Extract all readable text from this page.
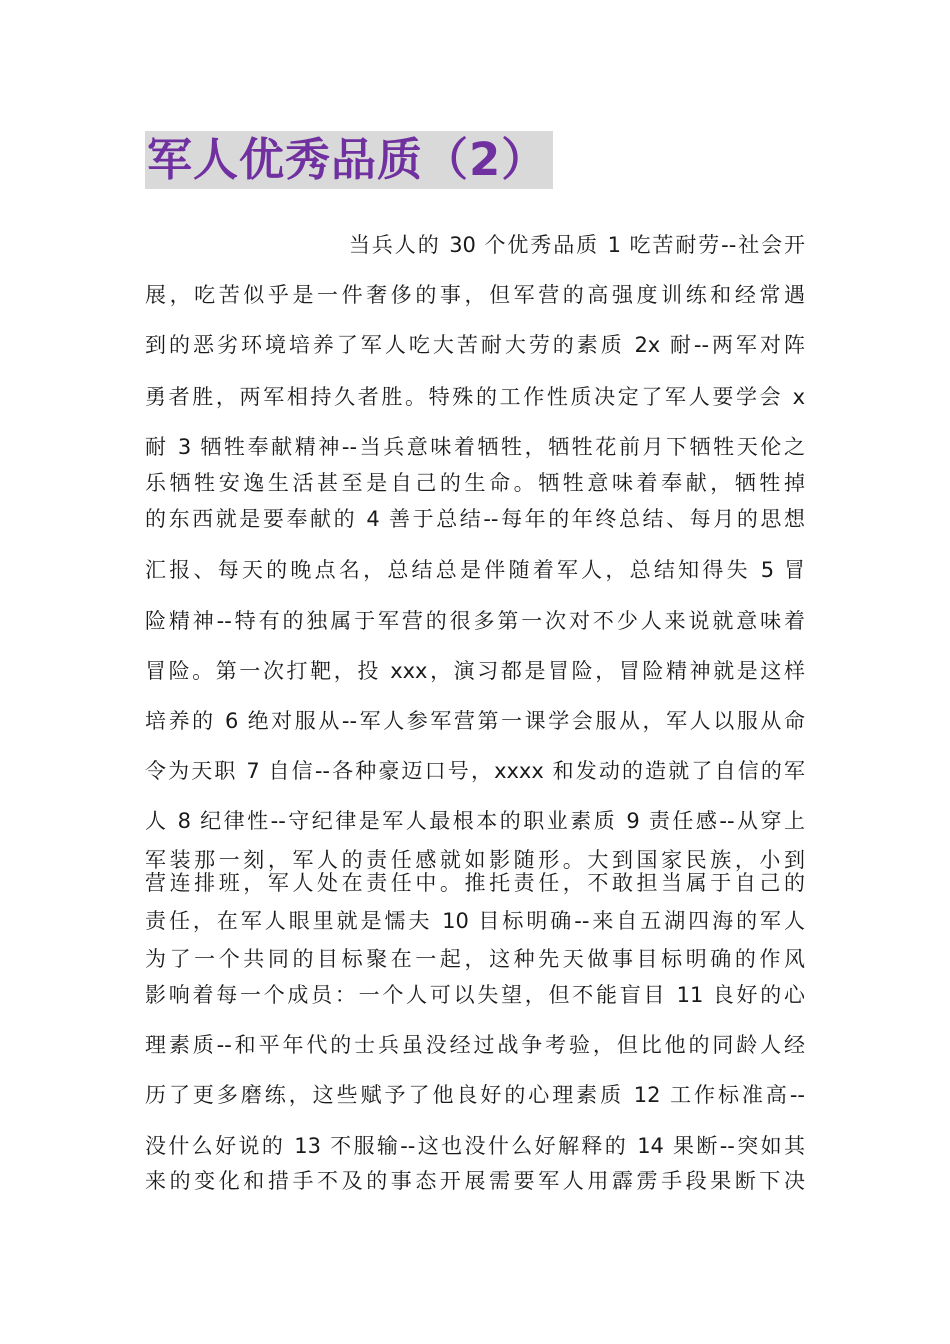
军人优秀品质（2）
当兵人的 30 个优秀品质 1 吃苦耐劳--社会开
展，吃苦似乎是一件奢侈的事，但军营的高强度训练和经常遇
到的恶劣环境培养了军人吃大苦耐大劳的素质 2x 耐--两军对阵
勇者胜，两军相持久者胜。特殊的工作性质决定了军人要学会 x
耐 3 牺牲奉献精神--当兵意味着牺牲，牺牲花前月下牺牲天伦之
乐牺牲安逸生活甚至是自己的生命。牺牲意味着奉献，牺牲掉
的东西就是要奉献的 4 善于总结--每年的年终总结、每月的思想
汇报、每天的晚点名，总结总是伴随着军人，总结知得失 5 冒
险精神--特有的独属于军营的很多第一次对不少人来说就意味着
冒险。第一次打靶，投 xxx，演习都是冒险，冒险精神就是这样
培养的 6 绝对服从--军人参军营第一课学会服从，军人以服从命
令为天职 7 自信--各种豪迈口号，xxxx 和发动的造就了自信的军
人 8 纪律性--守纪律是军人最根本的职业素质 9 责任感--从穿上
军装那一刻，军人的责任感就如影随形。大到国家民族，小到
营连排班，军人处在责任中。推托责任，不敢担当属于自己的
责任，在军人眼里就是懦夫 10 目标明确--来自五湖四海的军人
为了一个共同的目标聚在一起，这种先天做事目标明确的作风
影响着每一个成员：一个人可以失望，但不能盲目 11 良好的心
理素质--和平年代的士兵虽没经过战争考验，但比他的同龄人经
历了更多磨练，这些赋予了他良好的心理素质 12 工作标准高--
没什么好说的 13 不服输--这也没什么好解释的 14 果断--突如其
来的变化和措手不及的事态开展需要军人用霹雳手段果断下决
